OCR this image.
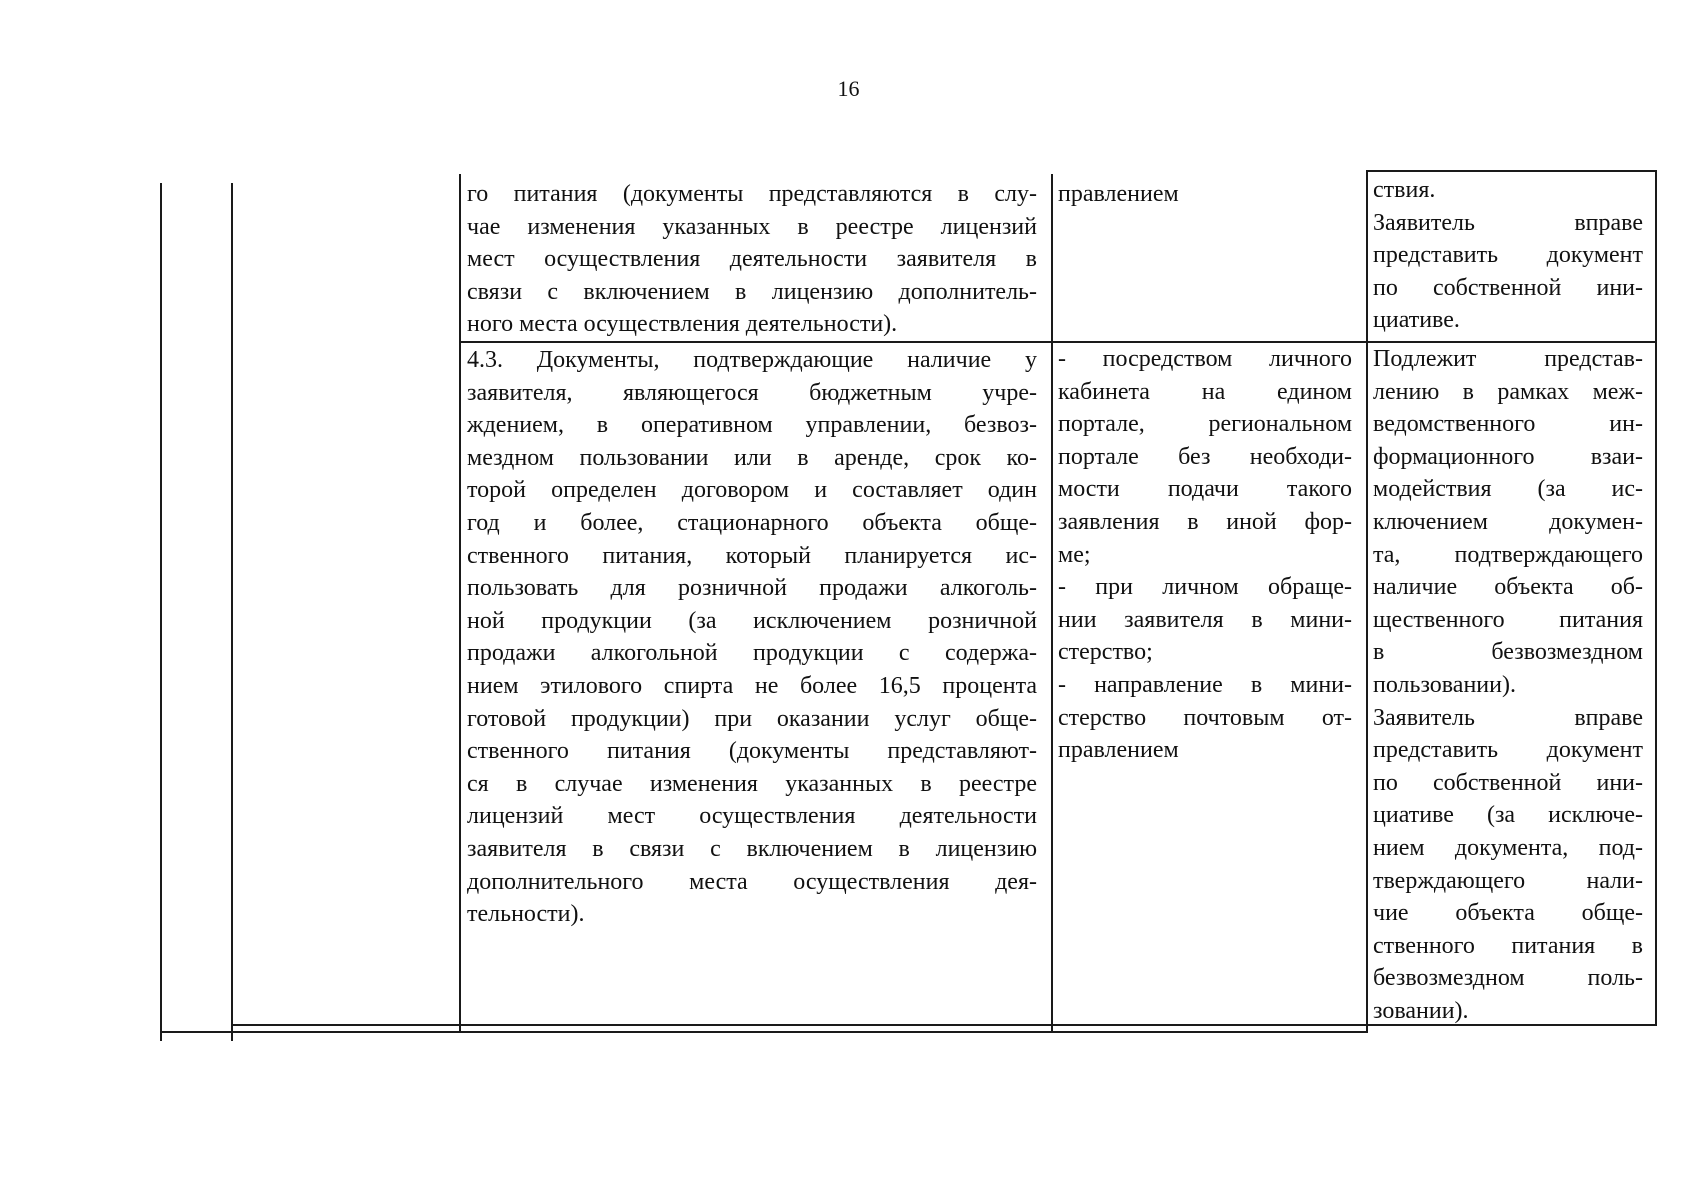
16
го питания (документы представляются в слу-
чае изменения указанных в реестре лицензий
мест осуществления деятельности заявителя в
связи с включением в лицензию дополнитель-
ного места осуществления деятельности).
правлением	ствия.
Заявитель вправе
представить документ
по собственной ини-
циативе.
4.3. Документы, подтверждающие наличие у
заявителя, являющегося бюджетным учре-
ждением, в оперативном управлении, безвоз-
мездном пользовании или в аренде, срок ко-
торой определен договором и составляет один
год и более, стационарного объекта обще-
ственного питания, который планируется ис-
пользовать для розничной продажи алкоголь-
ной продукции (за исключением розничной
продажи алкогольной продукции с содержа-
нием этилового спирта не более 16,5 процента
готовой продукции) при оказании услуг обще-
ственного питания (документы представляют-
ся в случае изменения указанных в реестре
лицензий мест осуществления деятельности
заявителя в связи с включением в лицензию
дополнительного места осуществления дея-
тельности).
- посредством личного
кабинета на едином
портале, региональном
портале без необходи-
мости подачи такого
заявления в иной фор-
ме;
- при личном обраще-
нии заявителя в мини-
стерство;
- направление в мини-
стерство почтовым от-
правлением
Подлежит представ-
лению в рамках меж-
ведомственного ин-
формационного взаи-
модействия (за ис-
ключением докумен-
та, подтверждающего
наличие объекта об-
щественного питания
в безвозмездном
пользовании).
Заявитель вправе
представить документ
по собственной ини-
циативе (за исключе-
нием документа, под-
тверждающего нали-
чие объекта обще-
ственного питания в
безвозмездном поль-
зовании).
